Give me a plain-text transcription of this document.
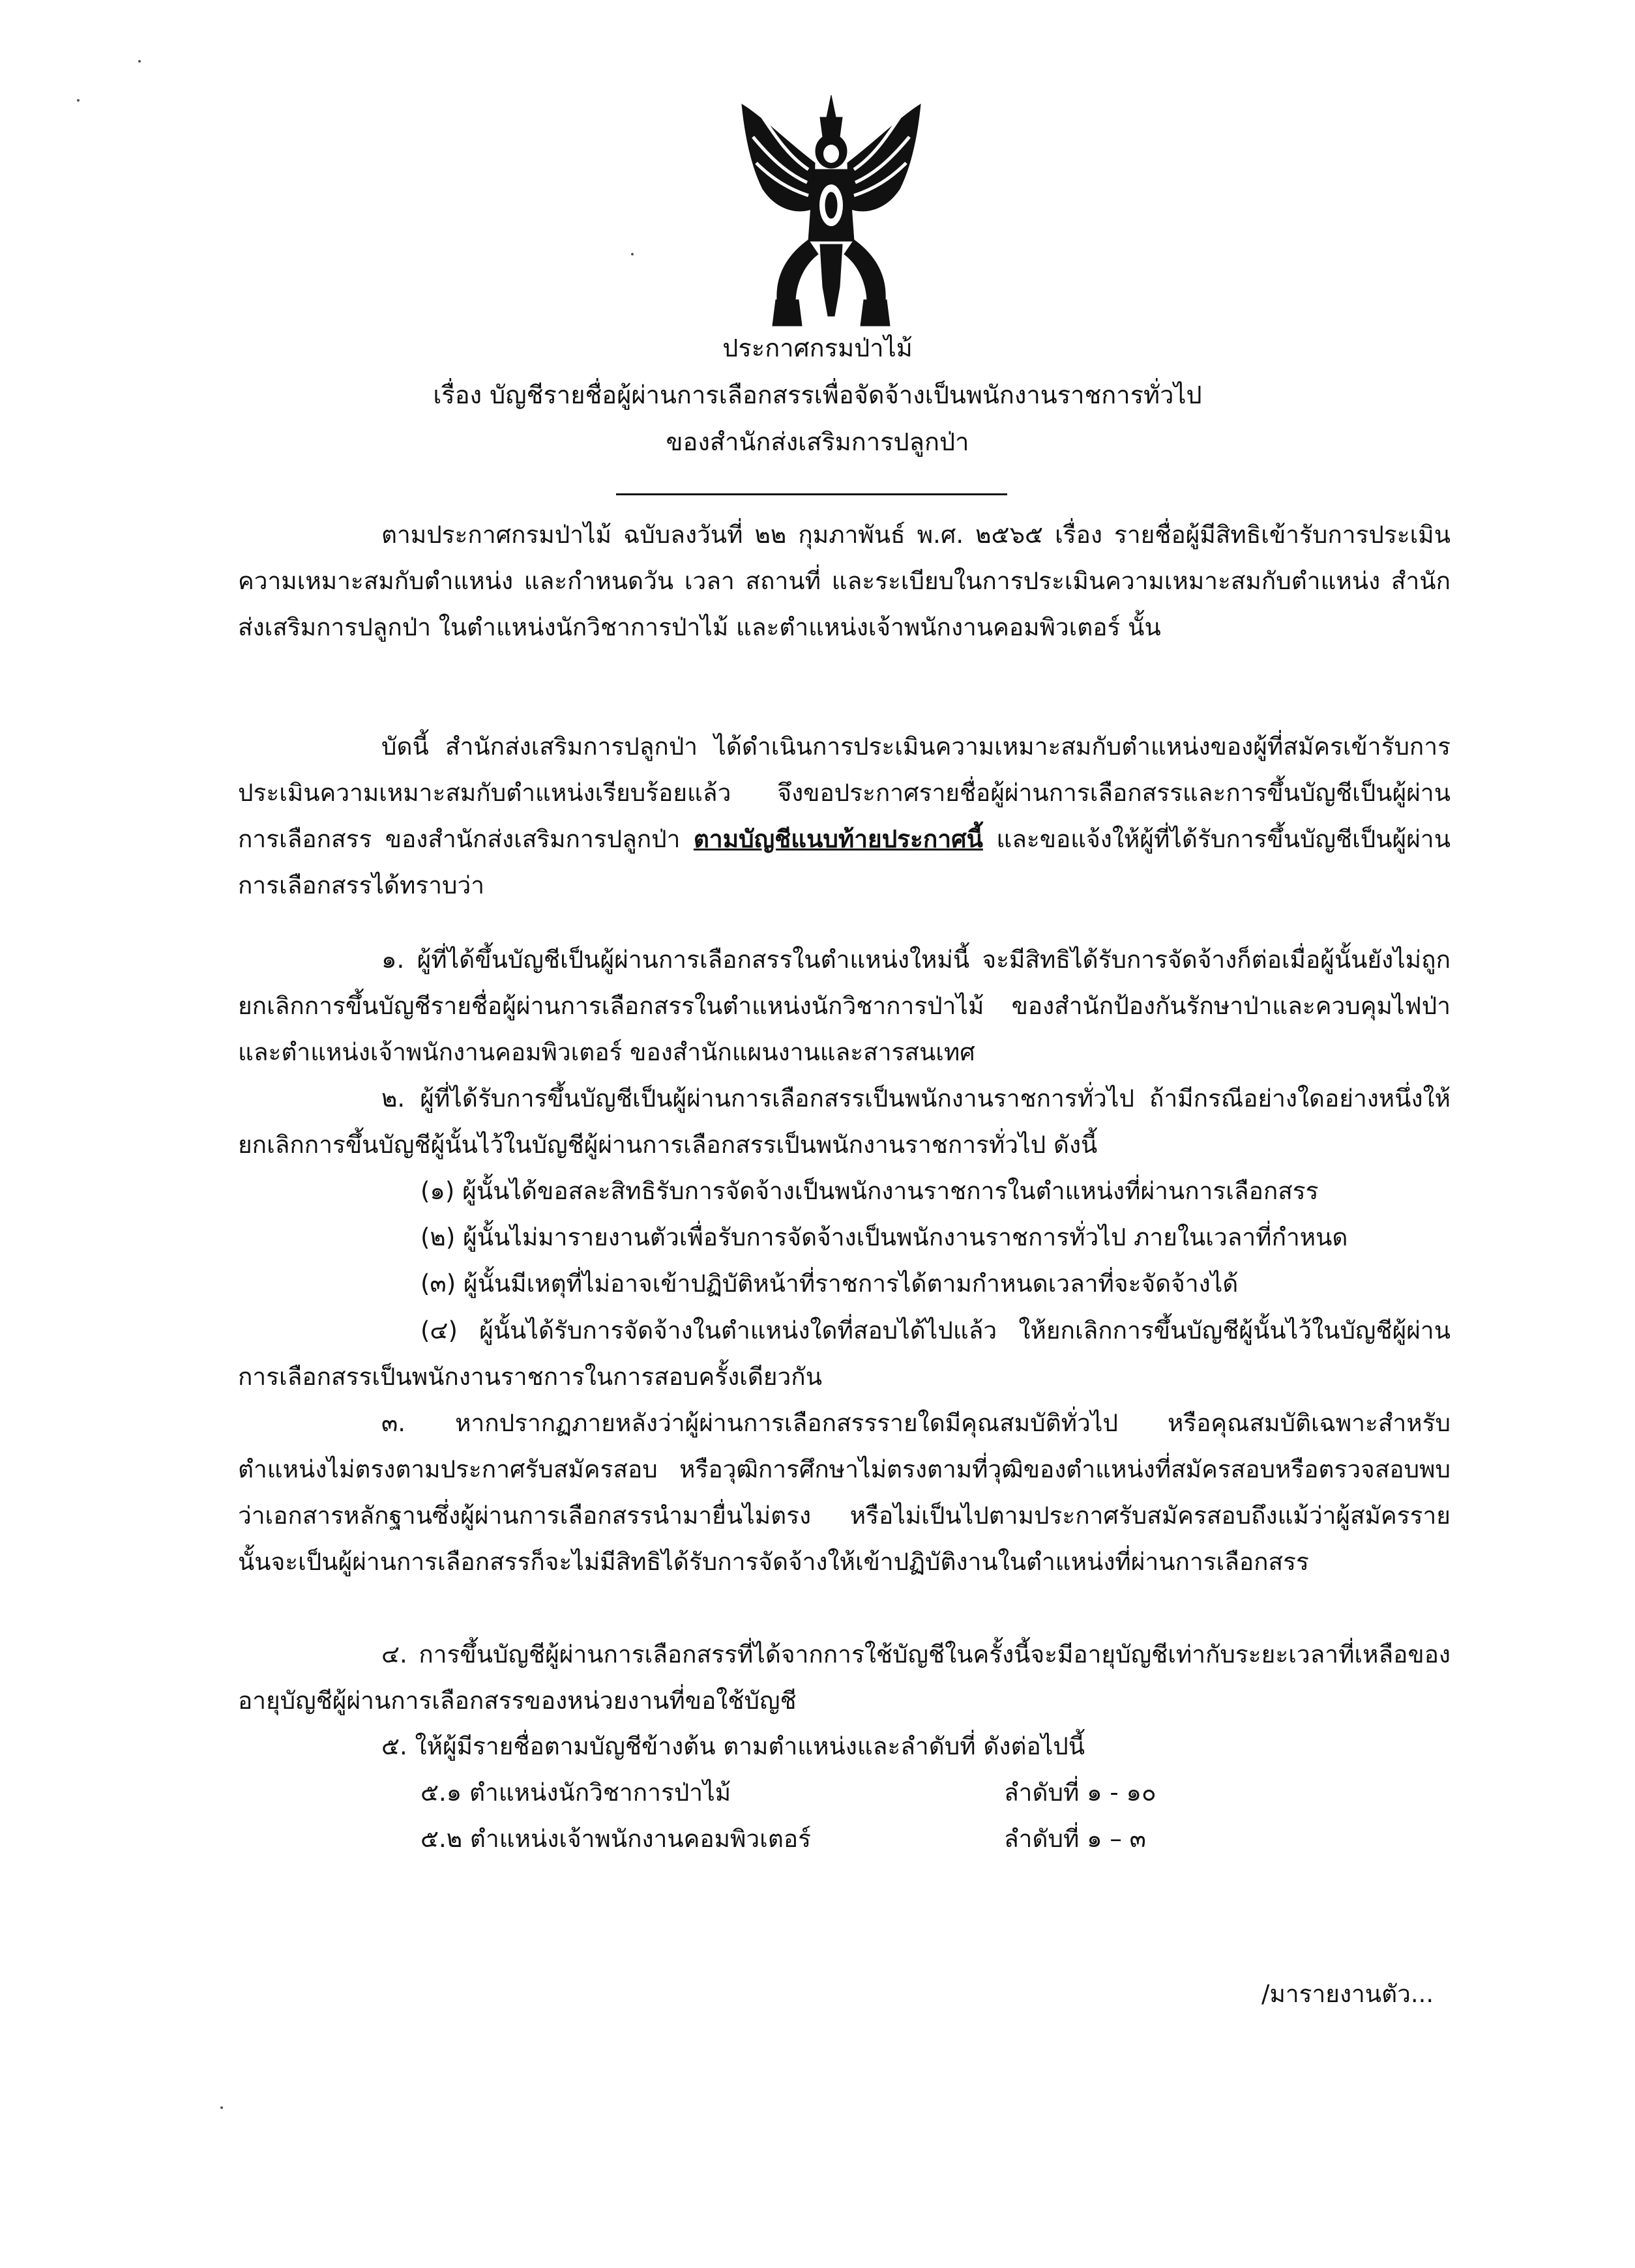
ประกาศกรมป่าไม้
เรื่อง บัญชีรายชื่อผู้ผ่านการเลือกสรรเพื่อจัดจ้างเป็นพนักงานราชการทั่วไป
ของสำนักส่งเสริมการปลูกป่า
ตามประกาศกรมป่าไม้ ฉบับลงวันที่ ๒๒ กุมภาพันธ์ พ.ศ. ๒๕๖๕ เรื่อง รายชื่อผู้มีสิทธิเข้ารับการประเมินความเหมาะสมกับตำแหน่ง และกำหนดวัน เวลา สถานที่ และระเบียบในการประเมินความเหมาะสมกับตำแหน่ง สำนักส่งเสริมการปลูกป่า ในตำแหน่งนักวิชาการป่าไม้ และตำแหน่งเจ้าพนักงานคอมพิวเตอร์ นั้น
บัดนี้ สำนักส่งเสริมการปลูกป่า ได้ดำเนินการประเมินความเหมาะสมกับตำแหน่งของผู้ที่สมัครเข้ารับการประเมินความเหมาะสมกับตำแหน่งเรียบร้อยแล้ว จึงขอประกาศรายชื่อผู้ผ่านการเลือกสรรและการขึ้นบัญชีเป็นผู้ผ่านการเลือกสรร ของสำนักส่งเสริมการปลูกป่า ตามบัญชีแนบท้ายประกาศนี้ และขอแจ้งให้ผู้ที่ได้รับการขึ้นบัญชีเป็นผู้ผ่านการเลือกสรรได้ทราบว่า
๑. ผู้ที่ได้ขึ้นบัญชีเป็นผู้ผ่านการเลือกสรรในตำแหน่งใหม่นี้ จะมีสิทธิได้รับการจัดจ้างก็ต่อเมื่อผู้นั้นยังไม่ถูกยกเลิกการขึ้นบัญชีรายชื่อผู้ผ่านการเลือกสรรในตำแหน่งนักวิชาการป่าไม้ ของสำนักป้องกันรักษาป่าและควบคุมไฟป่า และตำแหน่งเจ้าพนักงานคอมพิวเตอร์ ของสำนักแผนงานและสารสนเทศ
๒. ผู้ที่ได้รับการขึ้นบัญชีเป็นผู้ผ่านการเลือกสรรเป็นพนักงานราชการทั่วไป ถ้ามีกรณีอย่างใดอย่างหนึ่งให้ยกเลิกการขึ้นบัญชีผู้นั้นไว้ในบัญชีผู้ผ่านการเลือกสรรเป็นพนักงานราชการทั่วไป ดังนี้
(๑) ผู้นั้นได้ขอสละสิทธิรับการจัดจ้างเป็นพนักงานราชการในตำแหน่งที่ผ่านการเลือกสรร
(๒) ผู้นั้นไม่มารายงานตัวเพื่อรับการจัดจ้างเป็นพนักงานราชการทั่วไป ภายในเวลาที่กำหนด
(๓) ผู้นั้นมีเหตุที่ไม่อาจเข้าปฏิบัติหน้าที่ราชการได้ตามกำหนดเวลาที่จะจัดจ้างได้
(๔) ผู้นั้นได้รับการจัดจ้างในตำแหน่งใดที่สอบได้ไปแล้ว ให้ยกเลิกการขึ้นบัญชีผู้นั้นไว้ในบัญชีผู้ผ่านการเลือกสรรเป็นพนักงานราชการในการสอบครั้งเดียวกัน
๓. หากปรากฏภายหลังว่าผู้ผ่านการเลือกสรรรายใดมีคุณสมบัติทั่วไป หรือคุณสมบัติเฉพาะสำหรับตำแหน่งไม่ตรงตามประกาศรับสมัครสอบ หรือวุฒิการศึกษาไม่ตรงตามที่วุฒิของตำแหน่งที่สมัครสอบหรือตรวจสอบพบว่าเอกสารหลักฐานซึ่งผู้ผ่านการเลือกสรรนำมายื่นไม่ตรง หรือไม่เป็นไปตามประกาศรับสมัครสอบถึงแม้ว่าผู้สมัครรายนั้นจะเป็นผู้ผ่านการเลือกสรรก็จะไม่มีสิทธิได้รับการจัดจ้างให้เข้าปฏิบัติงานในตำแหน่งที่ผ่านการเลือกสรร
๔. การขึ้นบัญชีผู้ผ่านการเลือกสรรที่ได้จากการใช้บัญชีในครั้งนี้จะมีอายุบัญชีเท่ากับระยะเวลาที่เหลือของอายุบัญชีผู้ผ่านการเลือกสรรของหน่วยงานที่ขอใช้บัญชี
๕. ให้ผู้มีรายชื่อตามบัญชีข้างต้น ตามตำแหน่งและลำดับที่ ดังต่อไปนี้
๕.๑ ตำแหน่งนักวิชาการป่าไม้	ลำดับที่ ๑ - ๑๐
๕.๒ ตำแหน่งเจ้าพนักงานคอมพิวเตอร์	ลำดับที่ ๑ – ๓
/มารายงานตัว...
